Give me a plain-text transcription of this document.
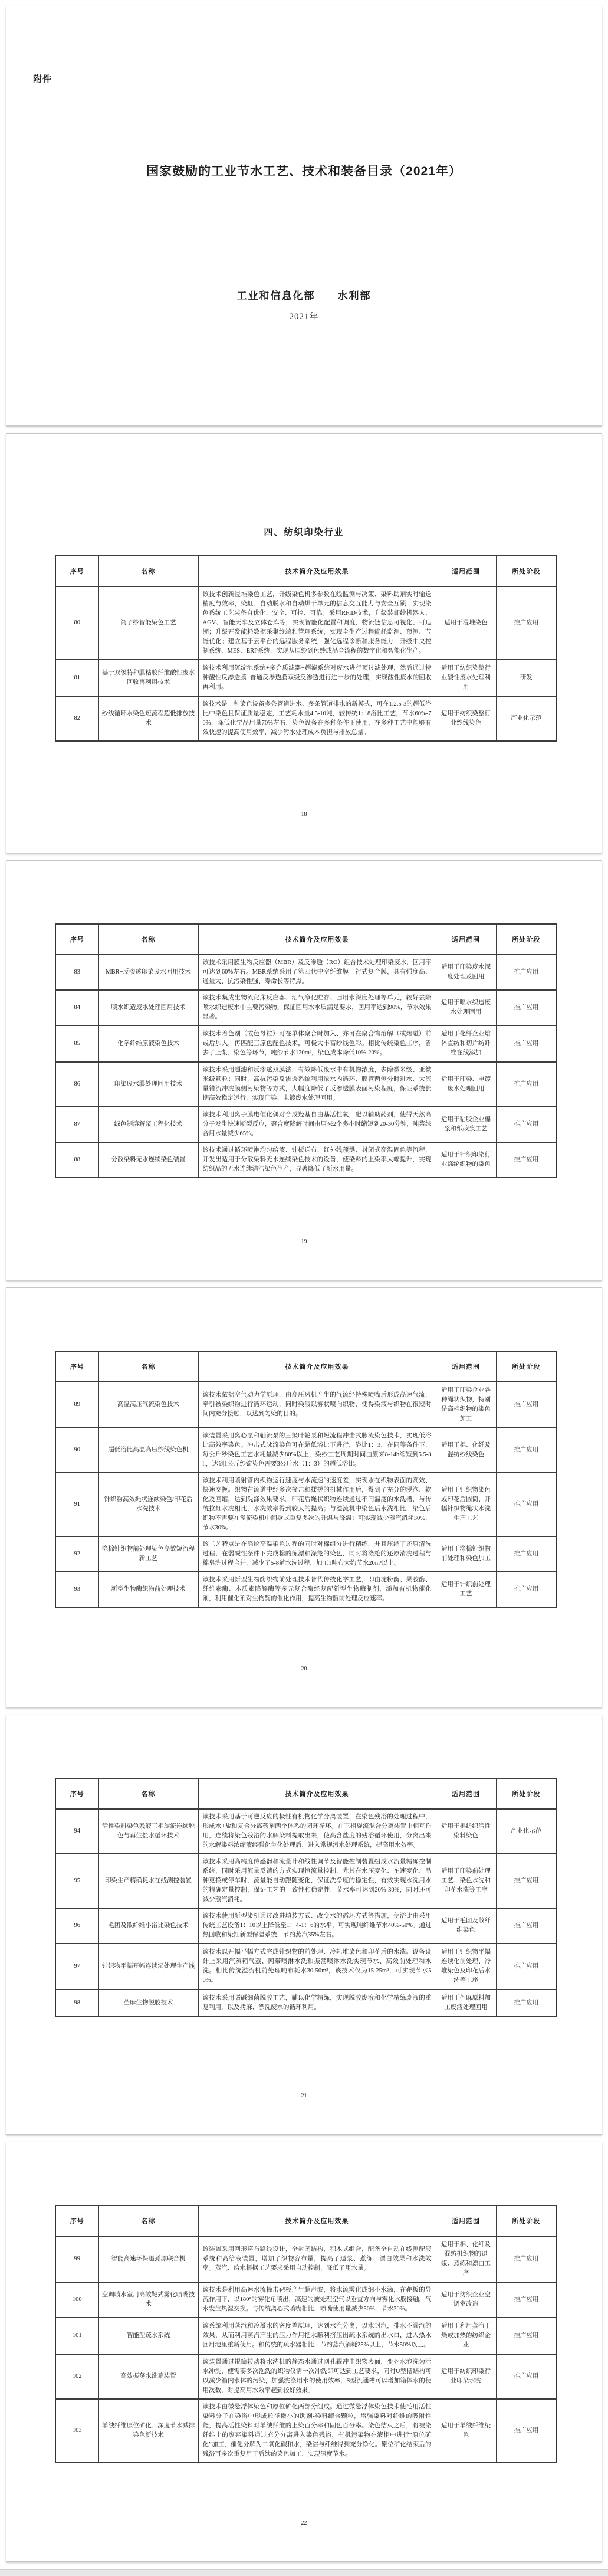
附件
国家鼓励的工业节水工艺、技术和装备目录（2021年）
工业和信息化部　　水利部
2021年
四、纺织印染行业
序号	名称	技术简介及应用效果	适用范围	所处阶段
80	筒子纱智能染色工艺	该技术创新浸堆染色工艺，升级染色机多参数在线监测与决策、染料助剂实时输送精度与效率，染缸、自动脱水和自动烘干单元的信息交互能力与安全互锁，实现染色系统工艺装备自优化、安全、可控、可靠；采用RFID技术，升级装卸纱机器人、AGV、智能天车及立体仓库等，实现智能化配置和调度，物流链信息可视化、可追溯；升级开发能耗数据采集终端和管理系统，实现全生产过程能耗监测、预测、节能优化；建立基于云平台的远程服务系统，强化远程诊断和服务能力；升级中央控制系统、MES、ERP系统，实现从原纱到色纱成品全流程的数字化和智能化生产。	适用于浸堆染色	推广应用
81	基于双级特种膜粘胶纤维酸性废水回收再利用技术	该技术利用沉淀池系统+多介质滤器+超滤系统对废水进行预过滤处理，然后通过特种酸性反渗透膜+普通反渗透膜双级反渗透进行进一步的处理，实现酸性废水的回收再利用。	适用于纺织染整行业酸性废水处理利用	研发
82	纱线循环水染色短流程超低排放技术	该技术是一种染色设备多条管道进水、多条管道排水的新模式，可在1:2.5-3的超低浴比中染色且保证质量稳定，工艺耗水量4.5-10吨，较传统1：8浴比工艺，节水60%-70%，降低化学品用量70%左右，染色设备在多种条件下使用，在多种工艺中能够有效快速的提高使用效率，减少污水处理成本负担与排放总量。	适用于纺织染整行业纱线染色	产业化示范
18
序号	名称	技术简介及应用效果	适用范围	所处阶段
83	MBR+反渗透印染废水回用技术	该技术采用膜生物反应器（MBR）及反渗透（RO）组合技术处理印染废水，回用率可达到60%左右。MBR系统采用了第四代中空纤维膜—衬式复合膜，具有强度高、通量大、抗污染性强、寿命长等特点。	适用于印染废水深度处理及回用	推广应用
84	喷水织造废水处理回用技术	该技术集成生物流化床反应器、沼气净化贮存、回用水深度处理等单元，较好去除喷水织造废水中主要污染物，保证回用水水质满足要求，回用率达到90%，节水效果显著。	适用于喷水织造废水处理回用	推广应用
85	化学纤维原液染色技术	该技术着色剂（或色母粒）可在单体聚合时加入、亦可在聚合物溶解（或熔融）前或后加入，再匹配三原色配色技术，可极大丰富纱线色彩。相比传统染色工序，省去了上浆、染色等环节，吨纱节水120m³，染色成本降低10%-20%。	适用于化纤企业熔体直纺和切片纺纤维在线添加	推广应用
86	印染废水膜处理回用技术	该技术采用超滤和反渗透双膜法，有效降低废水中有机物浓度，去除微米级、亚微米级颗粒；同时，高抗污染反渗透系统利用浓水内循环、膜管两侧分时进水、大流量错流冲洗膜侧污染物等方式，大幅度降低了反渗透膜表面污染程度，保证系统长期高效稳定运行，实现印染、电镀废水处理回用。	适用于印染、电镀废水处理回用	推广应用
87	绿色制溶解浆工程化技术	该技术利用离子膜电催化偶对合成羟基自由基活性氧，配以辅助药剂，使得天然高分子发生快速断裂反应，聚合度降解时间由原来2个多小时缩短到20-30分钟，吨浆综合用水量减少65%。	适用于粘胶企业棉浆和纸改浆工艺	推广应用
88	分散染料无水连续染色装置	该技术通过循环喷淋均匀给液、针板送布、红外线预烘、封闭式高温固色等流程，开发出适用于分散染料无水连续染色技术的设备，使染料的上染率大幅提升，实现纺织品的无水连续清洁染色生产，显著降低了新水用量。	适用于针织印染行业涤纶织物的染色	推广应用
19
序号	名称	技术简介及应用效果	适用范围	所处阶段
89	高温高压气流染色技术	该技术依据空气动力学原理，由高压风机产生的气流经特殊喷嘴后形成高速气流，牵引被染织物进行循环运动，同时染液以雾状喷向织物，使得染液与织物在很短时间内充分接触，以达到匀染的目的。	适用于印染企业各种绳状织物，特别是高档织物的染色加工	推广应用
90	超低浴比高温高压纱线染色机	该装置采用离心泵和轴流泵的三级叶轮泵和短流程冲击式脉流染色技术，实现低浴比高效率染色。冲击式脉流染色可在超低浴比下进行，浴比1：3，在同等条件下，每公斤纱染色工艺水耗量减少80%以上，染纱工艺周期时间由原来8-14h缩短到5.5-8h，达到1公斤纱锭染色需要3公斤水（1：3）的超低浴比。	适用于棉、化纤及混纺纱线染色	推广应用
91	针织物高效绳状连续染色/印花后水洗技术	该技术利用喷射管内织物运行速度与水流速的速度差，实现水在织物表面的高效、快速交换。织物在流道中经多次撞击和揉搓的机械作用后，得到了充分的浸泡、软化及回缩，达到洗涤效果要求。印花后绳状织物连续通过不同温度的水洗槽，与传统拉缸水洗相比，水洗效率得到较大的提高；与溢流机中染色后水洗相比，染色后织物不需要在溢流染机中间歇式重复多次的升温与降温；可实现减少蒸汽消耗30%，节水30%。	适用于针织物染色或印花后圆筒、开幅针织物绳状水洗生产工艺	推广应用
92	涤棉针织物前处理染色高效短流程新工艺	该工艺特点是在涤纶高温染色过程的同时对棉组分进行精练，并且压缩了还原清洗过程，在弱碱性条件下完成棉的练漂和涤纶的染色，同时将涤纶的还原清洗过程与棉皂洗过程合并，减少了5-8道水洗过程，加工1吨布大约节水20m³以上。	适用于涤棉针织物前处理和染色加工	推广应用
93	新型生物酶织物前处理技术	该技术采用新型生物酶织物前处理技术替代传统化学工艺，即由淀粉酶、果胶酶、纤维素酶、木质素降解酶等多元复合酶经复配新型生物酶制剂，添加有机物催化剂，利用催化剂对生物酶的催化作用，提高生物酶前处理反应速率。	适用于针织前处理工艺	推广应用
20
序号	名称	技术简介及应用效果	适用范围	所处阶段
94	活性染料染色残液三相旋流连续脱色与再生盐水循环技术	该技术采用基于可逆反应的极性有机物化学分离装置，在染色残浴的处理过程中，形成水+盐和复合分离药剂两个体系的闭环循环。在三相旋流混合分离装置中相互作用，连续将染色残浴的水解染料提取出来，使高含盐度的残浴循环使用，分离出来的水解染料浓缩液经强化生化处理后，进入常规污水处理系统，提高用水效率。	适用于棉纺织活性染料染色	产业化示范
95	印染生产精确耗水在线测控装置	该技术采用高精度传感器和流量计和线性调节及智能控制装置组成水流量精确控制系统，同时采用流量反馈的方式实现恒流量控制，尤其在水压变化、车速变化、品种更换或停车时，流量能自动跟随变化，保证洗净度的稳定性，有效实现水洗用水的精确定量控制，保证工艺的一致性和稳定性，节水率可达到20%-30%，同时还可减少蒸汽消耗。	适用于印染前处理工艺、染色水洗和印花水洗等工序	推广应用
96	毛团及散纤维小浴比染色技术	该技术使用新型染机通过改进填装方式、改变水的循环方式等措施，使浴比由采用传统工艺设备1：10以上降低至1：4-1：6的水平，可实现吨纤维节水40%-50%。通过热回收和染缸新型保温系统，节约蒸汽35%左右。	适用于毛团及散纤维染色	推广应用
97	针织物平幅开幅连续湿处理生产线	该技术以开幅平幅方式完成针织物的前处理、冷轧堆染色和印花后的水洗。设备设计上采用汽蒸箱气蒸、网带喷淋水洗和振荡喷淋水洗实现节水、高效前处理和水洗。相比传统溢流机前处理吨布耗水30-50m³，该技术仅为15-25m³，可实现节水50%。	适用于针织物平幅连续化前处理、冷堆染色及印花后水洗等工序	推广应用
98	苎麻生物脱胶技术	该技术采用嗜碱细菌脱胶工艺，辅以化学精练，实现脱胶废液和化学精练废液的重复利用，以及拷麻、漂洗废水的循环利用。	适用于苎麻原料加工废液处理回用	推广应用
21
序号	名称	技术简介及应用效果	适用范围	所处阶段
99	智能高速环保退煮漂联合机	该装置采用回形穿布路线设计，全封闭结构，积木式组合，配备全自动在线测配液系统和高给液装置，增加了织物容布量，提高了退浆、煮练、漂白效果和水洗效率。蒸汽、给水根据工艺要求采用自动控制，降低了用水量。	适用于棉、化纤及混纺机织物的退浆、煮练和漂白工序	推广应用
100	空调喷水室用高效靶式雾化喷嘴技术	该技术是利用高速水流撞击靶板产生超声波，将水流雾化成细小水滴，在靶板的导流作用下，以180°的雾化角喷出，高速的被处理空气以垂直方向与雾化水膜接触，气水发生热湿交换。与传统离心式喷嘴相比，喷嘴使用量减少50%，节水30%。	适用于纺织企业空调室改造	推广应用
101	智能型疏水系统	该系统利用蒸汽和冷凝水的密度差原理，达到水汽分离，以水封汽，排水不漏汽的效果，从而利用蒸汽产生的压力作用把水顺利挤压出疏水系统的出水口，进入热水回用池里重新使用。和传统的疏水器相比，节约蒸汽消耗25%以上，节水50%以上。	适用于利用蒸汽干燥或加热的纺织企业	推广应用
102	高效振荡水洗箱装置	该装置通过辊筒转动将水洗机的静态水通过网孔辊冲击织物表面，变死水泡洗为活水冲洗，使需要多次泡洗的织物仅需一次冲洗即可达到工艺要求，同时U型槽结构可以减少箱内水体的污染，加强洗涤用水的使用效率，S型流通槽可以增加箱体水的使用次数，对提高用水效率起到较好效果。	适用于纺织印染行业印染水洗	推广应用
103	羊绒纤维原位矿化、深度节水减排染色新技术	该技术由微悬浮体染色和原位矿化两部分组成。通过微悬浮体染色技术使毛用活性染料分子在染浴中形成粒径微小的助剂-染料缔合颗粒，增强染料对纤维的吸附性能，提高活性染料对羊绒纤维的上染百分率和固色百分率。染色结束之后，将被染纤维上的废弃染料通过充分分离进入染色残浴，有机污染物在液相中进行“原位矿化”加工，催化分解为二氧化碳和水，染浴与纤维得到充分净化。原位矿化结束后的残浴可多次重复用于后续的染色加工，实现深度节水。	适用于羊绒纤维染色	推广应用
22
